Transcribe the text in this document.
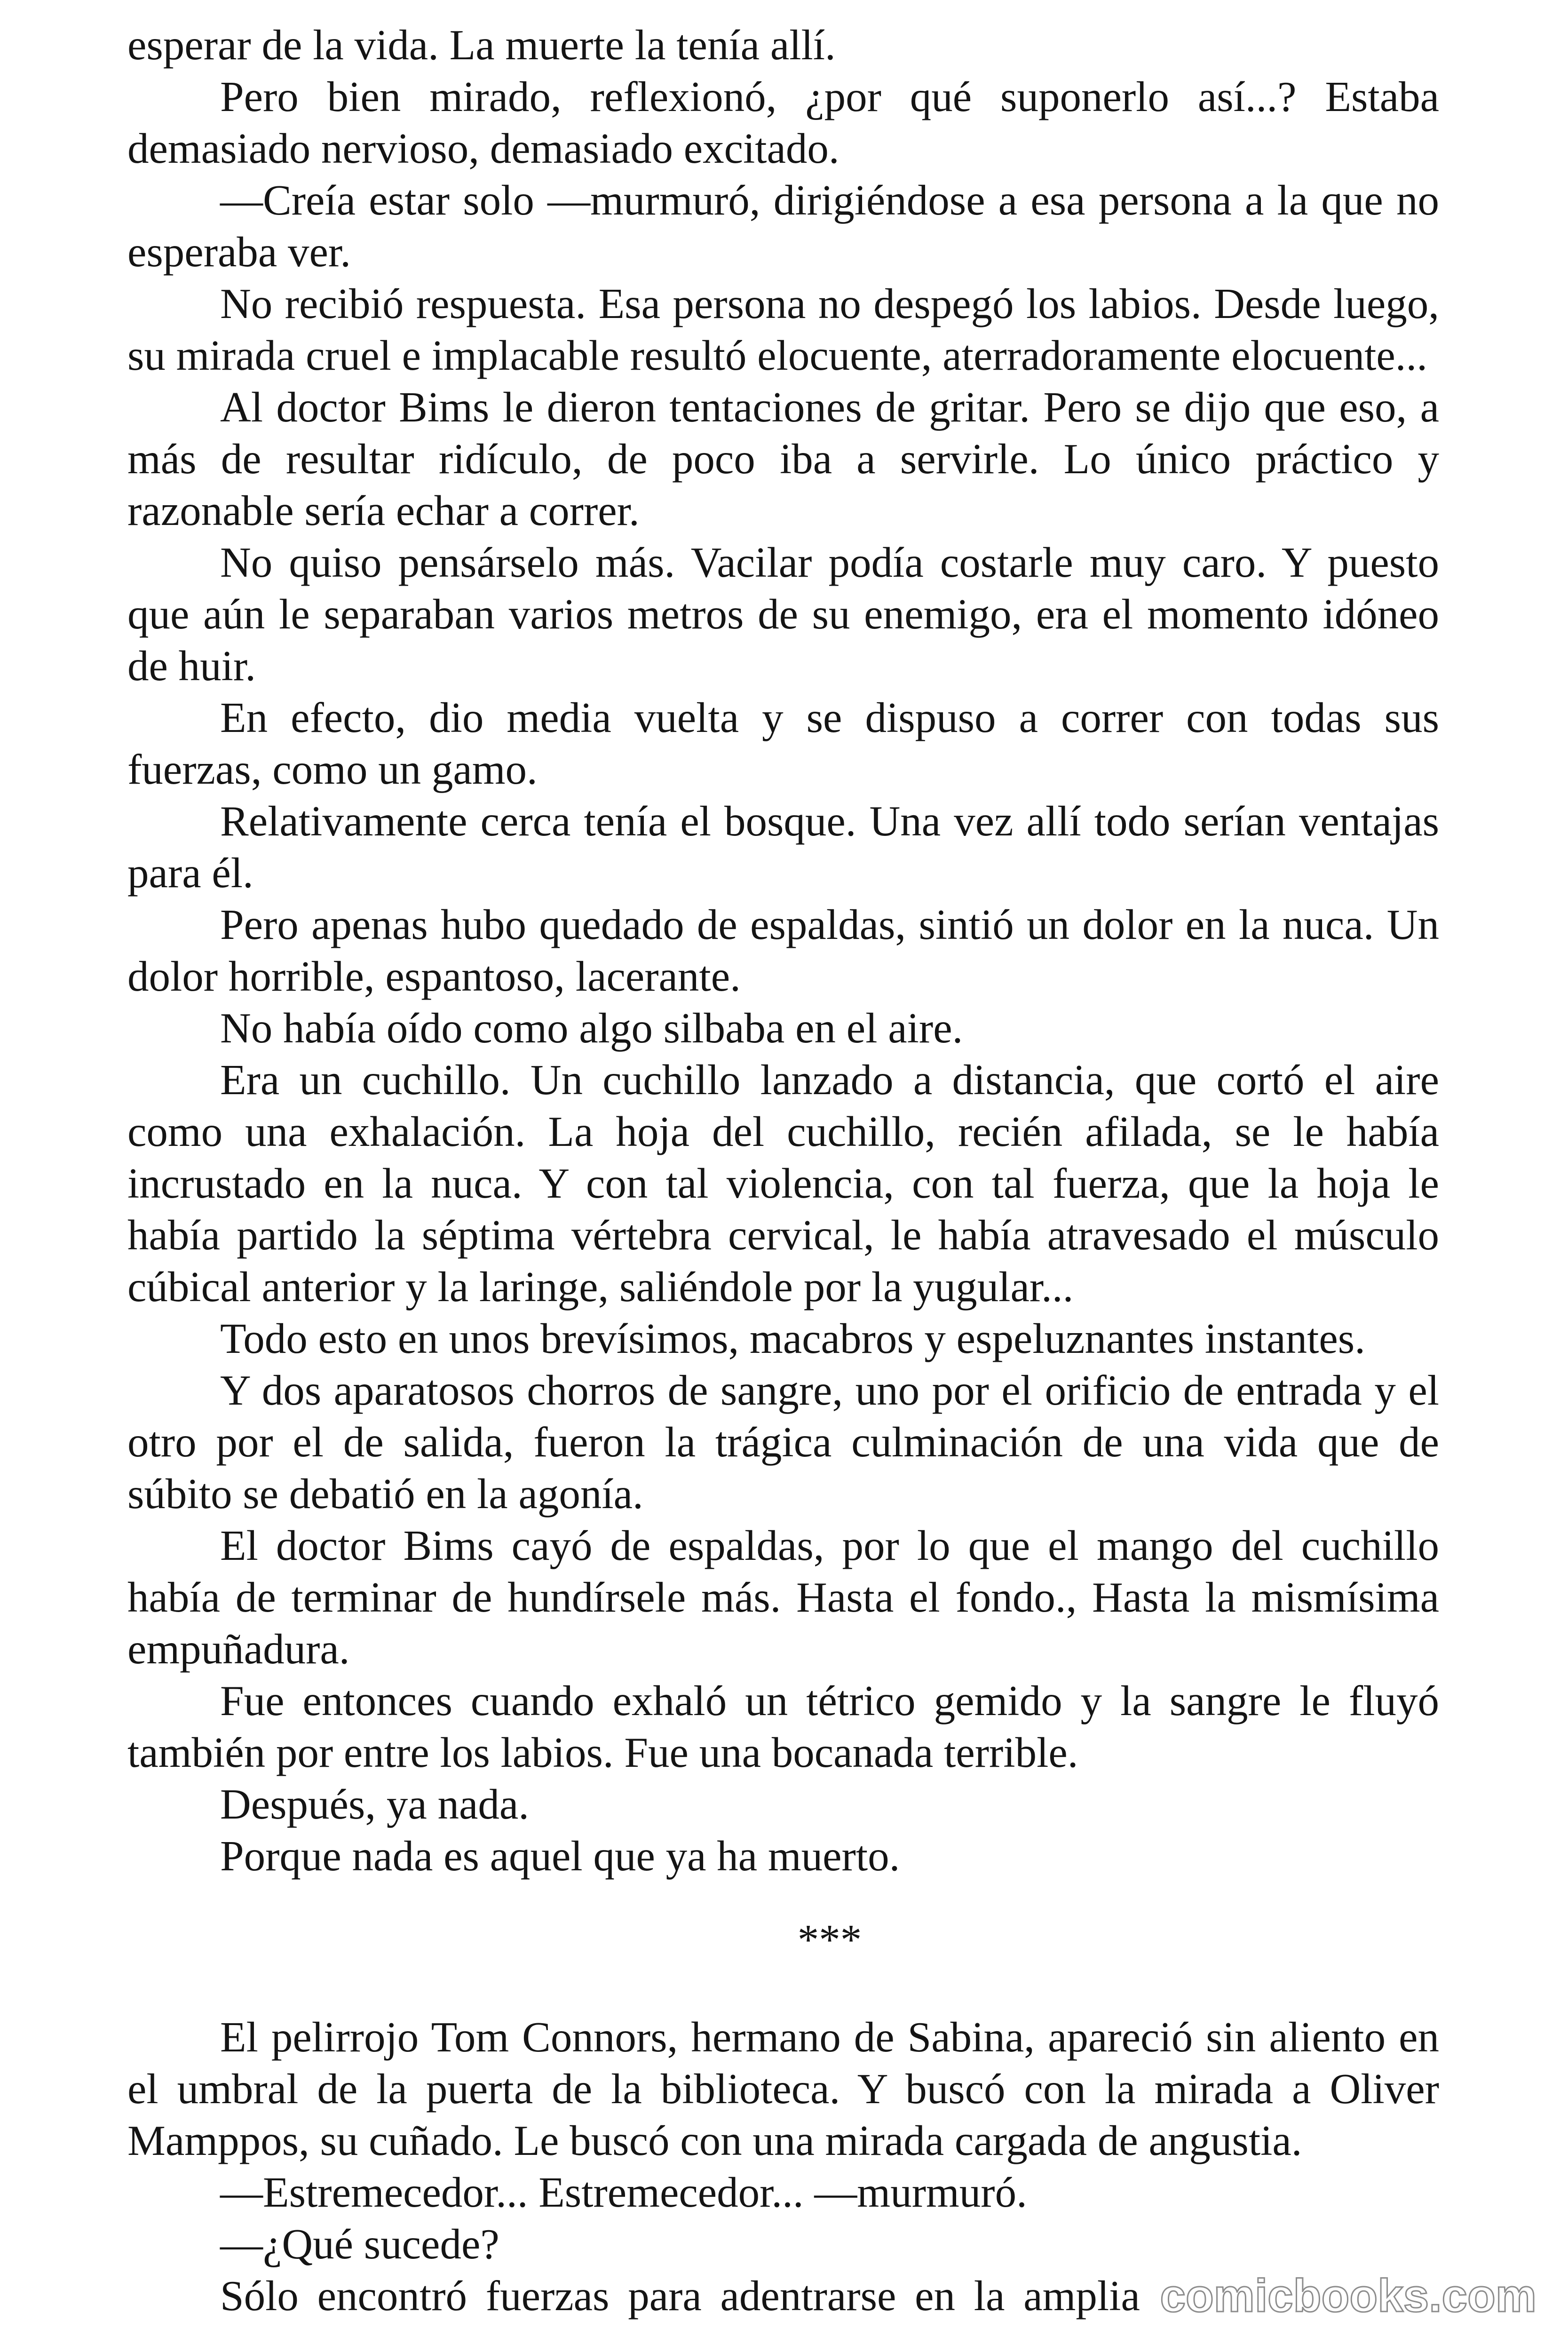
esperar de la vida. La muerte la tenía allí.
Pero bien mirado, reflexionó, ¿por qué suponerlo así...? Estaba
demasiado nervioso, demasiado excitado.
—Creía estar solo —murmuró, dirigiéndose a esa persona a la que no
esperaba ver.
No recibió respuesta. Esa persona no despegó los labios. Desde luego,
su mirada cruel e implacable resultó elocuente, aterradoramente elocuente...
Al doctor Bims le dieron tentaciones de gritar. Pero se dijo que eso, a
más de resultar ridículo, de poco iba a servirle. Lo único práctico y
razonable sería echar a correr.
No quiso pensárselo más. Vacilar podía costarle muy caro. Y puesto
que aún le separaban varios metros de su enemigo, era el momento idóneo
de huir.
En efecto, dio media vuelta y se dispuso a correr con todas sus
fuerzas, como un gamo.
Relativamente cerca tenía el bosque. Una vez allí todo serían ventajas
para él.
Pero apenas hubo quedado de espaldas, sintió un dolor en la nuca. Un
dolor horrible, espantoso, lacerante.
No había oído como algo silbaba en el aire.
Era un cuchillo. Un cuchillo lanzado a distancia, que cortó el aire
como una exhalación. La hoja del cuchillo, recién afilada, se le había
incrustado en la nuca. Y con tal violencia, con tal fuerza, que la hoja le
había partido la séptima vértebra cervical, le había atravesado el músculo
cúbical anterior y la laringe, saliéndole por la yugular...
Todo esto en unos brevísimos, macabros y espeluznantes instantes.
Y dos aparatosos chorros de sangre, uno por el orificio de entrada y el
otro por el de salida, fueron la trágica culminación de una vida que de
súbito se debatió en la agonía.
El doctor Bims cayó de espaldas, por lo que el mango del cuchillo
había de terminar de hundírsele más. Hasta el fondo., Hasta la mismísima
empuñadura.
Fue entonces cuando exhaló un tétrico gemido y la sangre le fluyó
también por entre los labios. Fue una bocanada terrible.
Después, ya nada.
Porque nada es aquel que ya ha muerto.
***
El pelirrojo Tom Connors, hermano de Sabina, apareció sin aliento en
el umbral de la puerta de la biblioteca. Y buscó con la mirada a Oliver
Mamppos, su cuñado. Le buscó con una mirada cargada de angustia.
—Estremecedor... Estremecedor... —murmuró.
—¿Qué sucede?
Sólo encontró fuerzas para adentrarse en la amplia comicbooks.com
